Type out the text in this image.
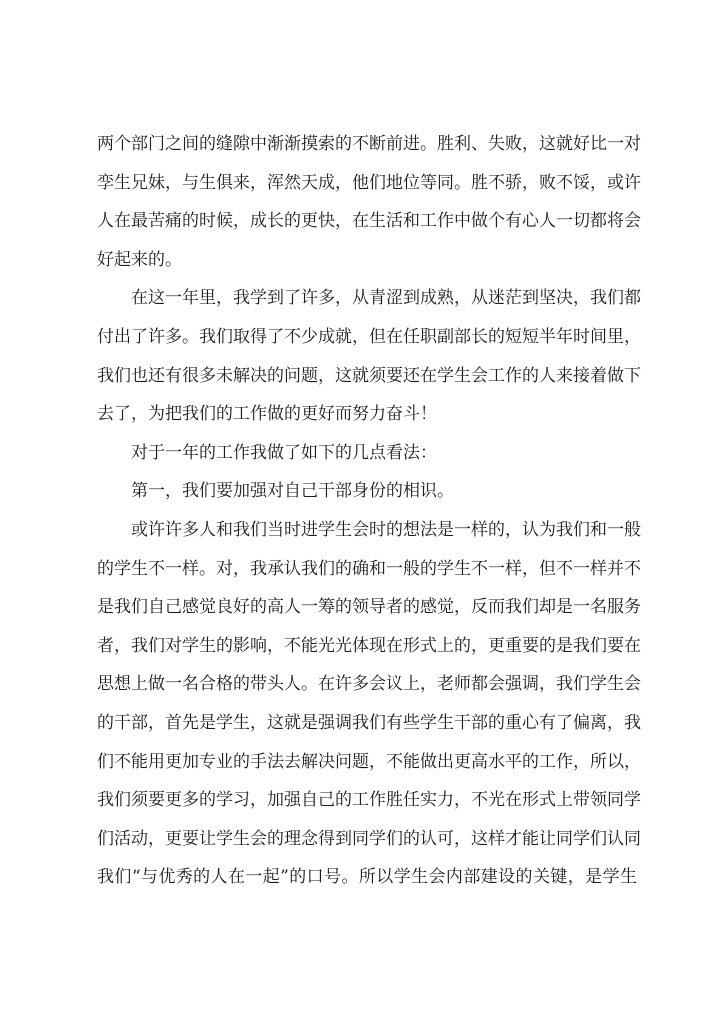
两个部门之间的缝隙中渐渐摸索的不断前进。胜利、失败，这就好比一对
孪生兄妹，与生俱来，浑然天成，他们地位等同。胜不骄，败不馁，或许
人在最苦痛的时候，成长的更快，在生活和工作中做个有心人一切都将会
好起来的。
在这一年里，我学到了许多，从青涩到成熟，从迷茫到坚决，我们都
付出了许多。我们取得了不少成就，但在任职副部长的短短半年时间里，
我们也还有很多未解决的问题，这就须要还在学生会工作的人来接着做下
去了，为把我们的工作做的更好而努力奋斗！
对于一年的工作我做了如下的几点看法：
第一，我们要加强对自己干部身份的相识。
或许许多人和我们当时进学生会时的想法是一样的，认为我们和一般
的学生不一样。对，我承认我们的确和一般的学生不一样，但不一样并不
是我们自己感觉良好的高人一筹的领导者的感觉，反而我们却是一名服务
者，我们对学生的影响，不能光光体现在形式上的，更重要的是我们要在
思想上做一名合格的带头人。在许多会议上，老师都会强调，我们学生会
的干部，首先是学生，这就是强调我们有些学生干部的重心有了偏离，我
们不能用更加专业的手法去解决问题，不能做出更高水平的工作，所以，
我们须要更多的学习，加强自己的工作胜任实力，不光在形式上带领同学
们活动，更要让学生会的理念得到同学们的认可，这样才能让同学们认同
我们“与优秀的人在一起”的口号。所以学生会内部建设的关键，是学生
